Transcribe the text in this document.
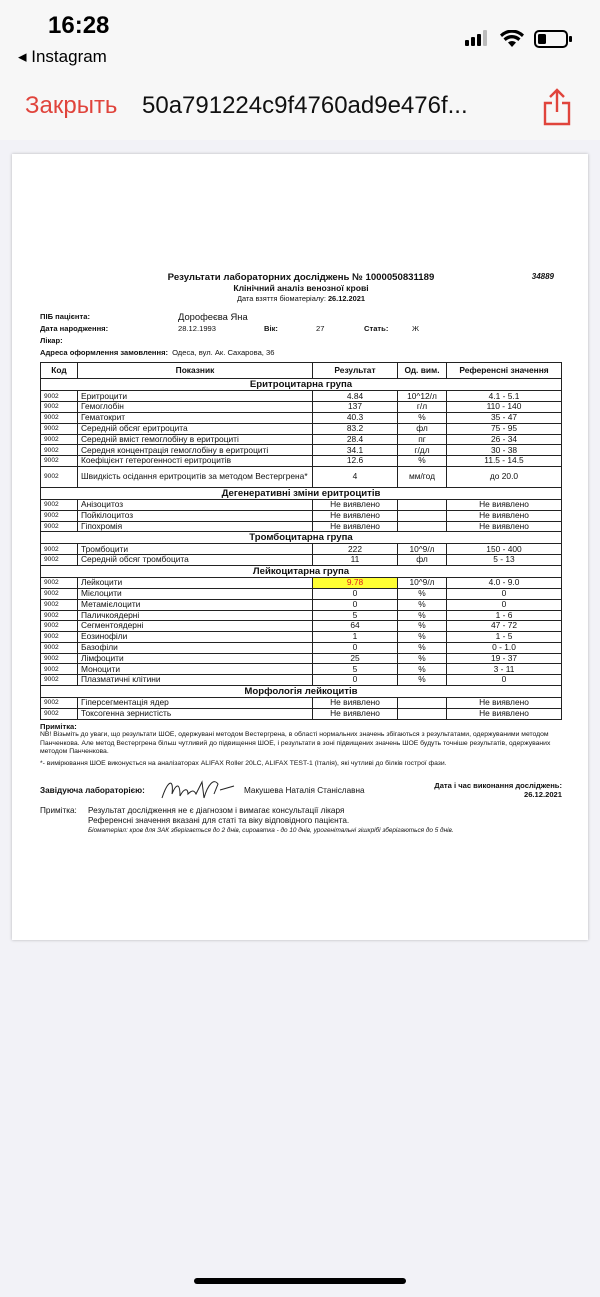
16:28
◂ Instagram
Закрыть 50a791224c9f4760ad9e476f...
34889
Результати лабораторних досліджень № 1000050831189
Клінічний аналіз венозної крові
Дата взяття біоматеріалу: 26.12.2021
ПІБ пацієнта:	Дорофеєва Яна
Дата народження:	28.12.1993	Вік:	27	Стать:	Ж
Лікар:
Адреса оформлення замовлення: Одеса, вул. Ак. Сахарова, 36
Код	Показник	Результат	Од. вим.	Референсні значення
Еритроцитарна група				
9002	Еритроцити	4.84	10^12/л	4.1 - 5.1
9002	Гемоглобін	137	г/л	110 - 140
9002	Гематокрит	40.3	%	35 - 47
9002	Середній обсяг еритроцита	83.2	фл	75 - 95
9002	Середній вміст гемоглобіну в еритроциті	28.4	пг	26 - 34
9002	Середня концентрація гемоглобіну в еритроциті	34.1	г/дл	30 - 38
9002	Коефіцієнт гетерогенності еритроцитів	12.6	%	11.5 - 14.5
9002	Швидкість осідання еритроцитів за методом Вестергрена*	4	мм/год	до 20.0
Дегенеративні зміни еритроцитів				
9002	Анізоцитоз	Не виявлено		Не виявлено
9002	Пойкілоцитоз	Не виявлено		Не виявлено
9002	Гіпохромія	Не виявлено		Не виявлено
Тромбоцитарна група				
9002	Тромбоцити	222	10^9/л	150 - 400
9002	Середній обсяг тромбоцита	11	фл	5 - 13
Лейкоцитарна група				
9002	Лейкоцити	9.78	10^9/л	4.0 - 9.0
9002	Мієлоцити	0	%	0
9002	Метамієлоцити	0	%	0
9002	Паличкоядерні	5	%	1 - 6
9002	Сегментоядерні	64	%	47 - 72
9002	Еозинофіли	1	%	1 - 5
9002	Базофіли	0	%	0 - 1.0
9002	Лімфоцити	25	%	19 - 37
9002	Моноцити	5	%	3 - 11
9002	Плазматичні клітини	0	%	0
Морфологія лейкоцитів				
9002	Гіперсегментація ядер	Не виявлено		Не виявлено
9002	Токсогенна зернистість	Не виявлено		Не виявлено
Примітка:
NB! Візьміть до уваги, що результати ШОЕ, одержувані методом Вестергрена, в області нормальних значень збігаються з результатами, одержуваними методом Панченкова. Але метод Вестергрена більш чутливий до підвищення ШОЕ, і результати в зоні підвищених значень ШОЕ будуть точніше результатів, одержуваних методом Панченкова.
*- вимірювання ШОЕ виконується на аналізаторах ALIFAX Roller 20LC, ALIFAX TEST-1 (Італія), які чутливі до білків гострої фази.
Завідуюча лабораторією:	Макушева Наталія Станіславна
Дата і час виконання досліджень:
26.12.2021
Примітка:	Результат дослідження не є діагнозом і вимагає консультації лікаря
Референсні значення вказані для статі та віку відповідного пацієнта.
Біоматеріал: кров для ЗАК зберігається до 2 днів, сироватка - до 10 днів, урогенітальні зішкрібі зберігаються до 5 днів.
